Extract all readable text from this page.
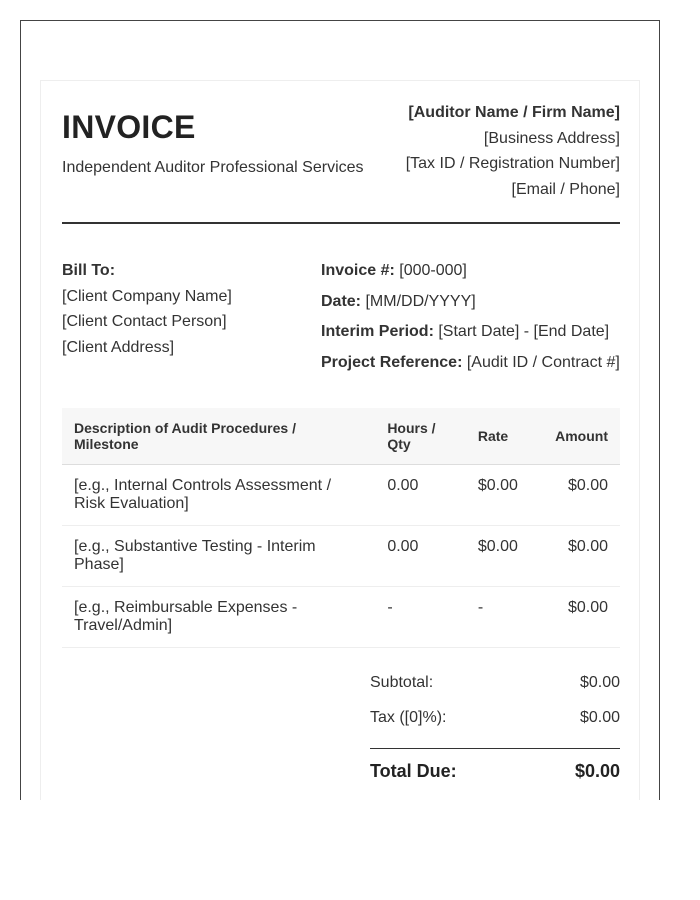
INVOICE
Independent Auditor Professional Services
[Auditor Name / Firm Name]
[Business Address]
[Tax ID / Registration Number]
[Email / Phone]
Bill To:
[Client Company Name]
[Client Contact Person]
[Client Address]
Invoice #: [000-000]
Date: [MM/DD/YYYY]
Interim Period: [Start Date] - [End Date]
Project Reference: [Audit ID / Contract #]
Description of Audit Procedures / Milestone	Hours / Qty	Rate	Amount
[e.g., Internal Controls Assessment / Risk Evaluation]	0.00	$0.00	$0.00
[e.g., Substantive Testing - Interim Phase]	0.00	$0.00	$0.00
[e.g., Reimbursable Expenses - Travel/Admin]	-	-	$0.00
Subtotal:	$0.00
Tax ([0]%):	$0.00
Total Due:	$0.00
